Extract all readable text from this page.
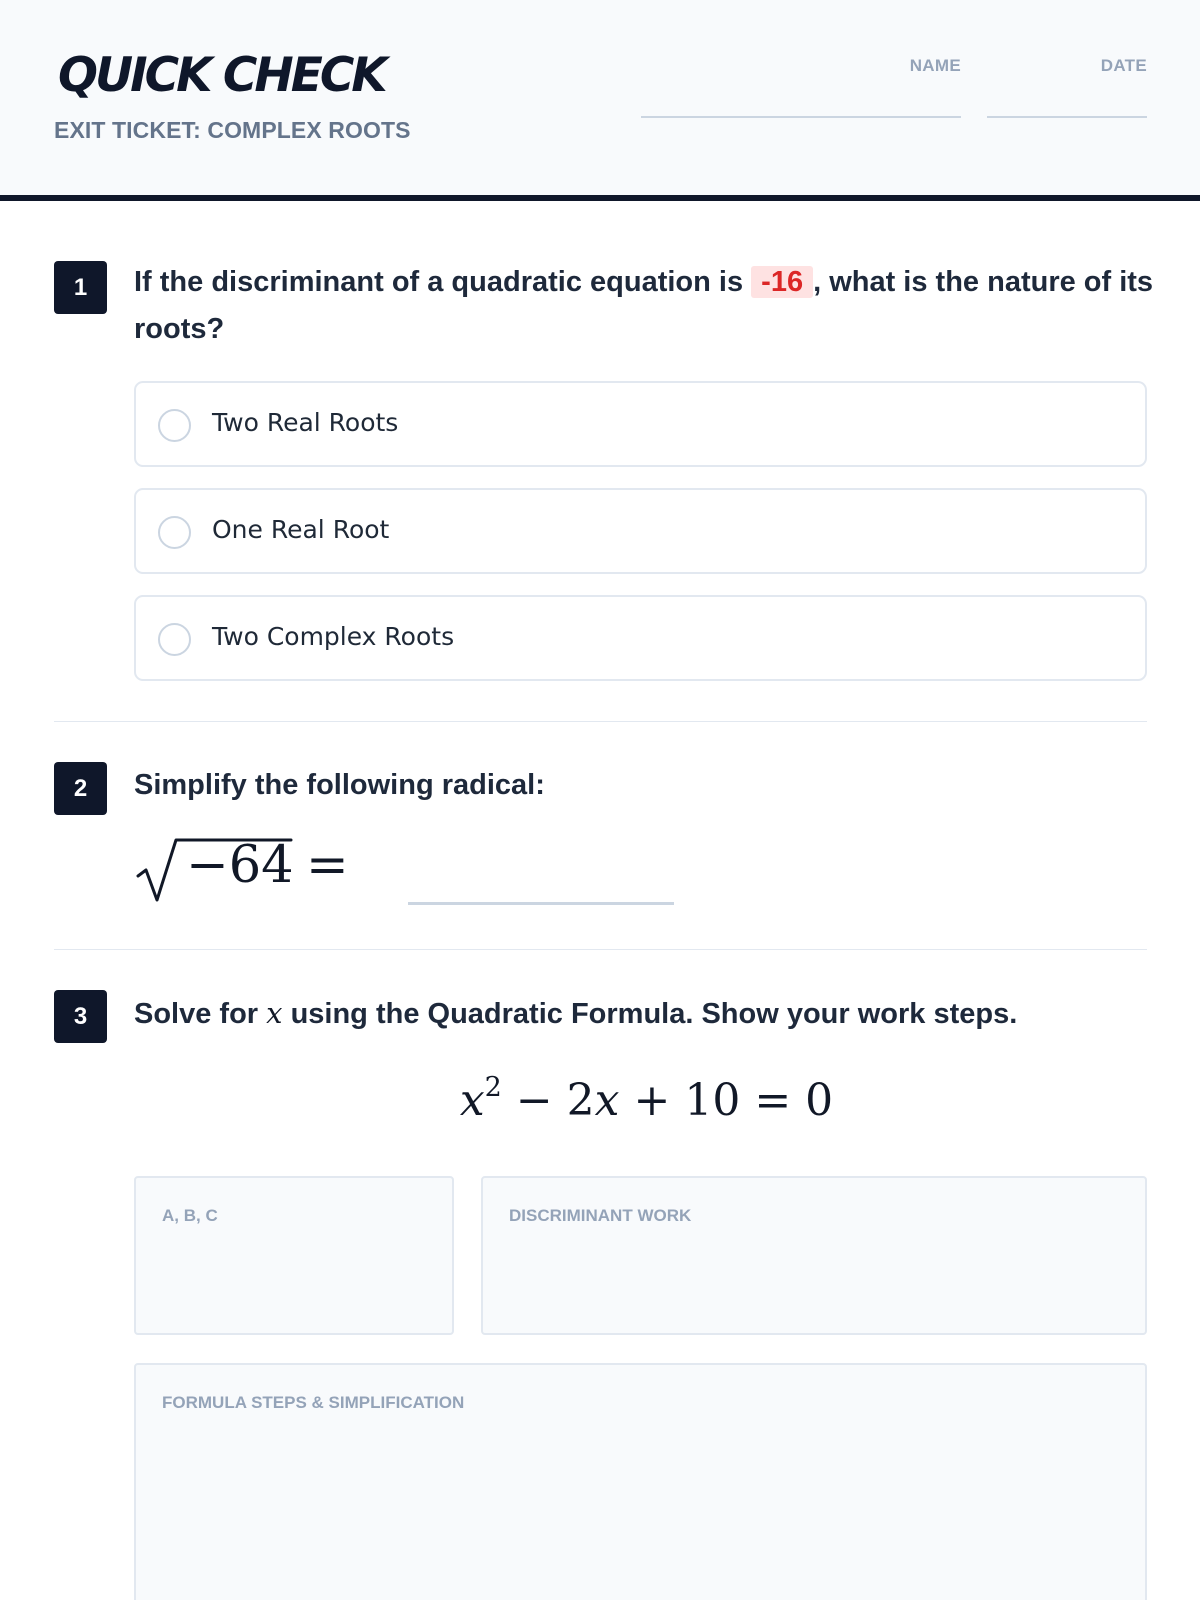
QUICK CHECK
EXIT TICKET: COMPLEX ROOTS
NAME	DATE
1	If the discriminant of a quadratic equation is -16 , what is the nature of its roots?
Two Real Roots
One Real Root
Two Complex Roots
2	Simplify the following radical:
−64 =
3	Solve for x using the Quadratic Formula. Show your work steps.
$x^2 - 2x + 10 = 0$
A, B, C	DISCRIMINANT WORK
FORMULA STEPS & SIMPLIFICATION
